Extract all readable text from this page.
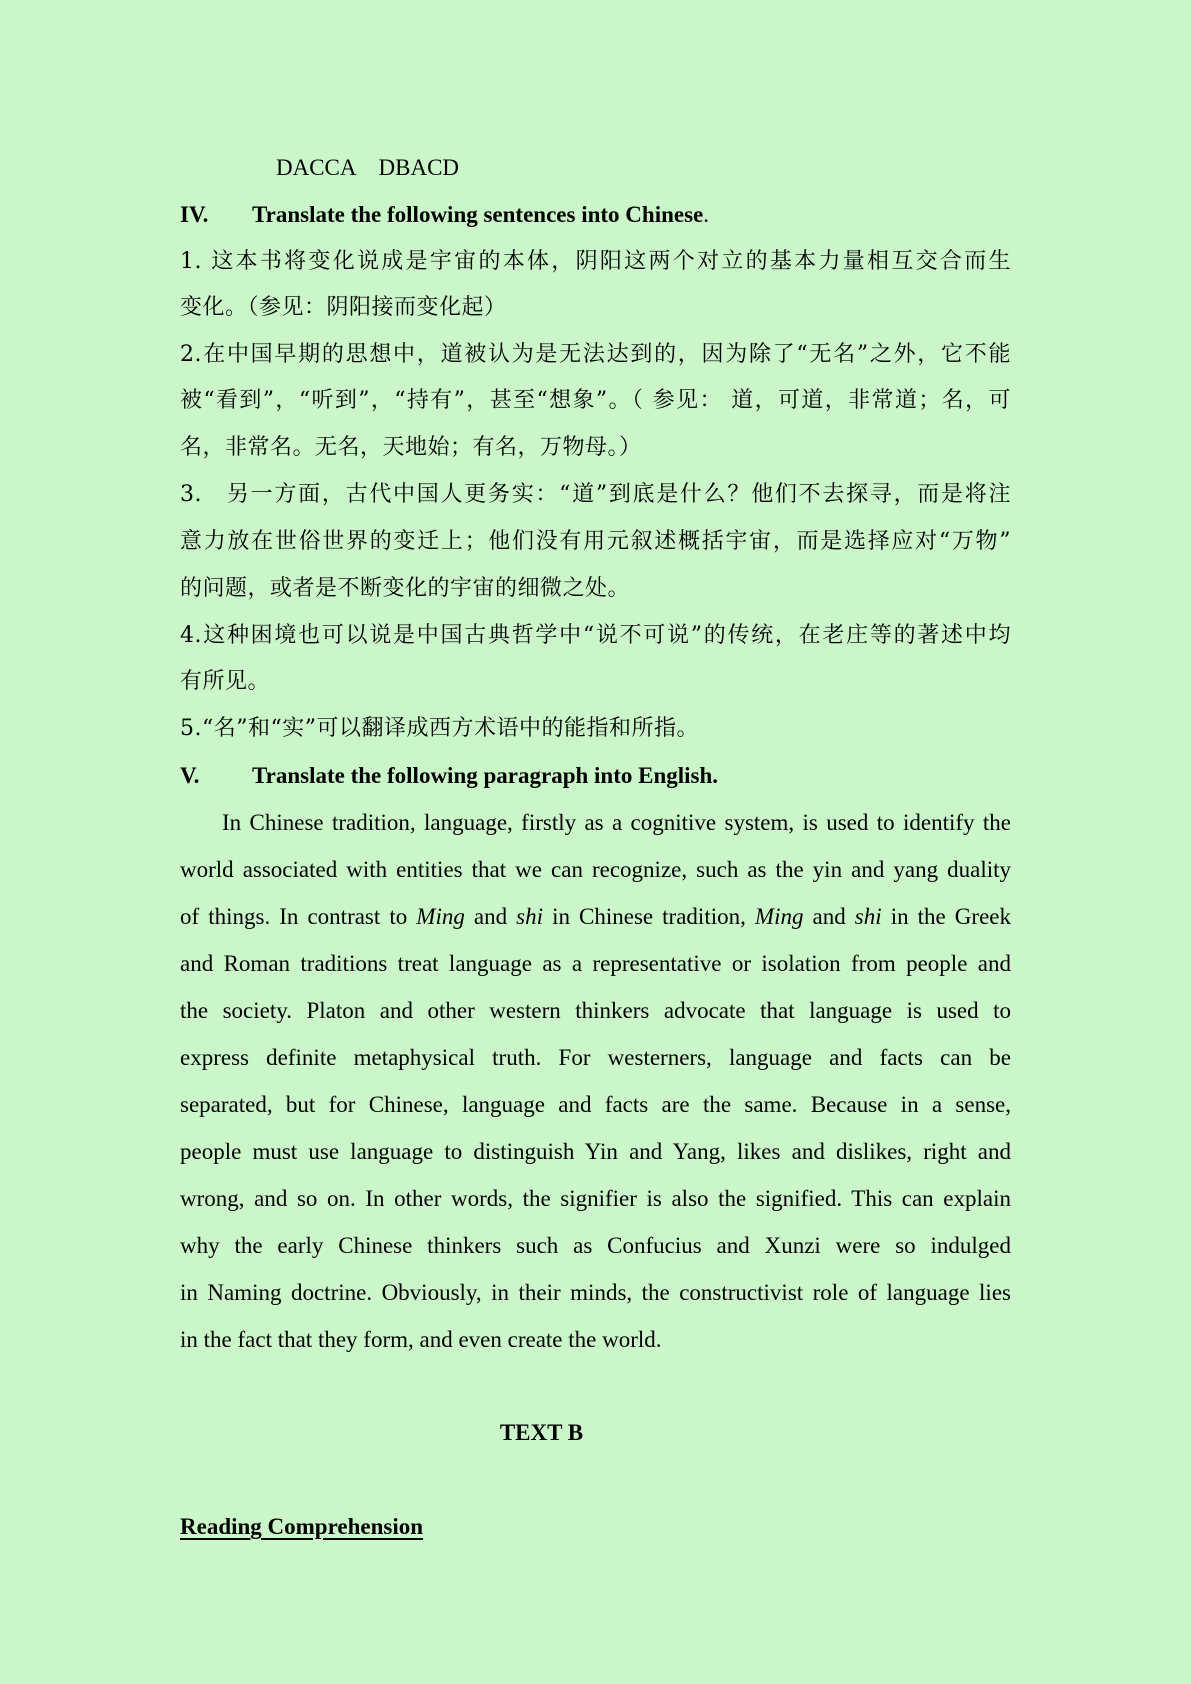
DACCA DBACD
IV. Translate the following sentences into Chinese.
1. 这本书将变化说成是宇宙的本体，阴阳这两个对立的基本力量相互交合而生
变化。（参见：阴阳接而变化起）
2.在中国早期的思想中，道被认为是无法达到的，因为除了“无名”之外，它不能
被“看到”，“听到”，“持有”，甚至“想象”。（ 参见： 道，可道，非常道；名，可
名，非常名。无名，天地始；有名，万物母。）
3.　另一方面，古代中国人更务实：“道”到底是什么？他们不去探寻，而是将注
意力放在世俗世界的变迁上；他们没有用元叙述概括宇宙，而是选择应对“万物”
的问题，或者是不断变化的宇宙的细微之处。
4.这种困境也可以说是中国古典哲学中“说不可说”的传统，在老庄等的著述中均
有所见。
5.“名”和“实”可以翻译成西方术语中的能指和所指。
V. Translate the following paragraph into English.
In Chinese tradition, language, firstly as a cognitive system, is used to identify the
world associated with entities that we can recognize, such as the yin and yang duality
of things. In contrast to Ming and shi in Chinese tradition, Ming and shi in the Greek
and Roman traditions treat language as a representative or isolation from people and
the society. Platon and other western thinkers advocate that language is used to
express definite metaphysical truth. For westerners, language and facts can be
separated, but for Chinese, language and facts are the same. Because in a sense,
people must use language to distinguish Yin and Yang, likes and dislikes, right and
wrong, and so on. In other words, the signifier is also the signified. This can explain
why the early Chinese thinkers such as Confucius and Xunzi were so indulged
in Naming doctrine. Obviously, in their minds, the constructivist role of language lies
in the fact that they form, and even create the world.
Reading Comprehension
TEXT B
